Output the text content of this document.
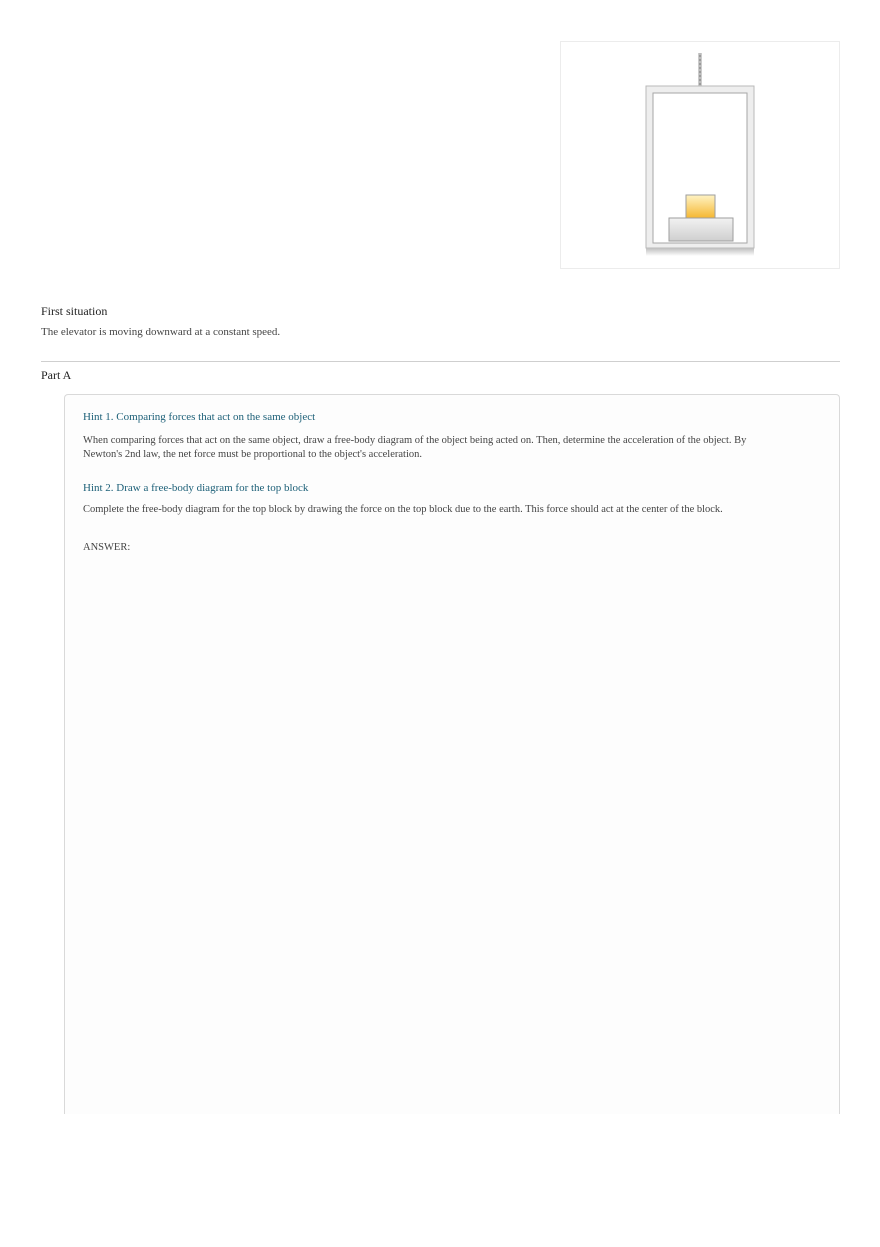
First situation
The elevator is moving downward at a constant speed.
Part A
Hint 1. Comparing forces that act on the same object
When comparing forces that act on the same object, draw a free-body diagram of the object being acted on. Then, determine the acceleration of the object. By Newton's 2nd law, the net force must be proportional to the object's acceleration.
Hint 2. Draw a free-body diagram for the top block
Complete the free-body diagram for the top block by drawing the force on the top block due to the earth. This force should act at the center of the block.
ANSWER:
